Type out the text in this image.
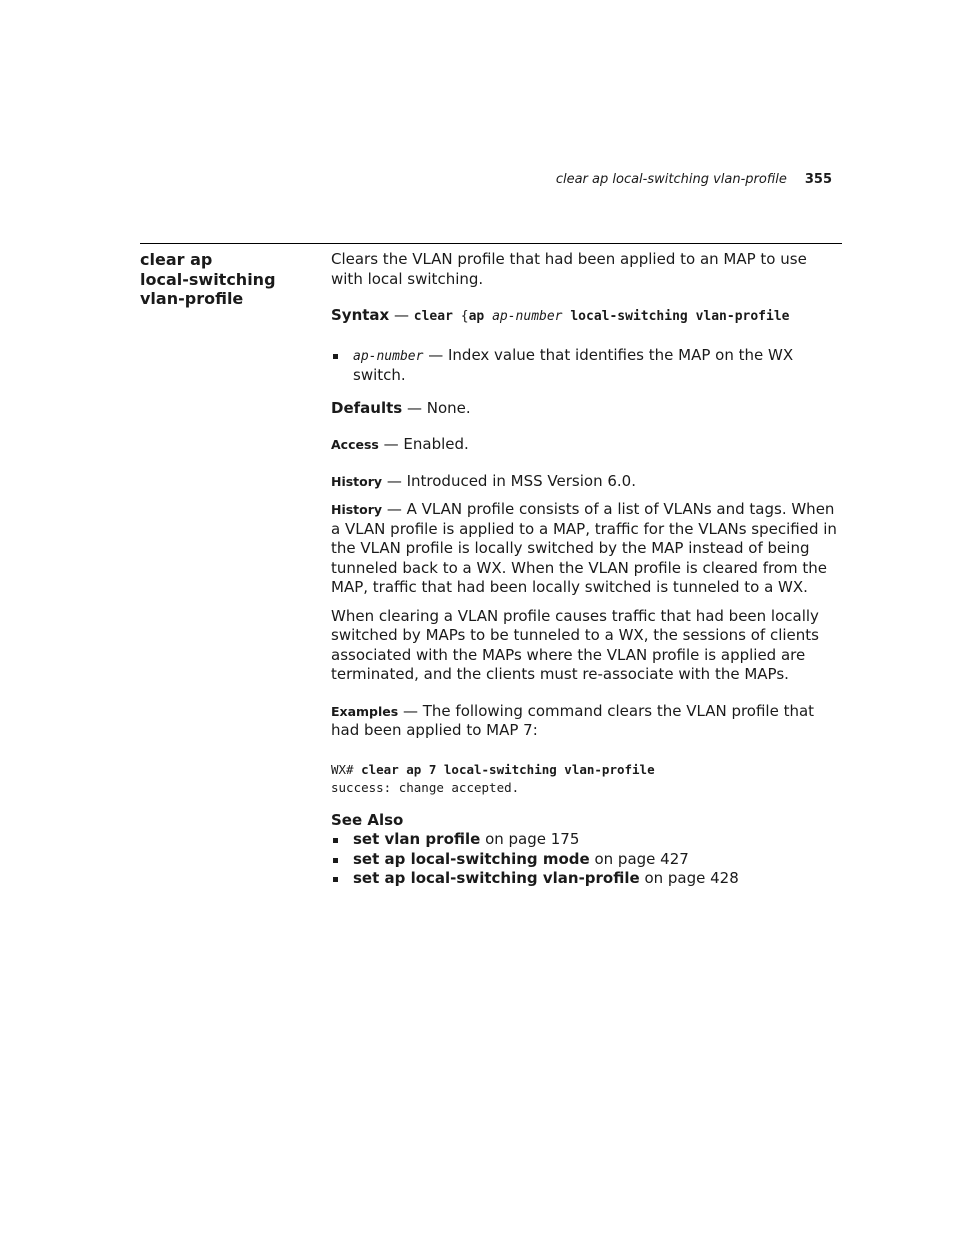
clear ap local-switching vlan-profile 355
clear ap
local-switching
vlan-profile

Clears the VLAN profile that had been applied to an MAP to use with local switching.

Syntax — clear {ap ap-number local-switching vlan-profile

ap-number — Index value that identifies the MAP on the WX switch.

Defaults — None.

Access — Enabled.

History — Introduced in MSS Version 6.0.

History — A VLAN profile consists of a list of VLANs and tags. When a VLAN profile is applied to a MAP, traffic for the VLANs specified in the VLAN profile is locally switched by the MAP instead of being tunneled back to a WX. When the VLAN profile is cleared from the MAP, traffic that had been locally switched is tunneled to a WX.

When clearing a VLAN profile causes traffic that had been locally switched by MAPs to be tunneled to a WX, the sessions of clients associated with the MAPs where the VLAN profile is applied are terminated, and the clients must re-associate with the MAPs.

Examples — The following command clears the VLAN profile that had been applied to MAP 7:

WX# clear ap 7 local-switching vlan-profile
success: change accepted.

See Also

set vlan profile on page 175

set ap local-switching mode on page 427

set ap local-switching vlan-profile on page 428
